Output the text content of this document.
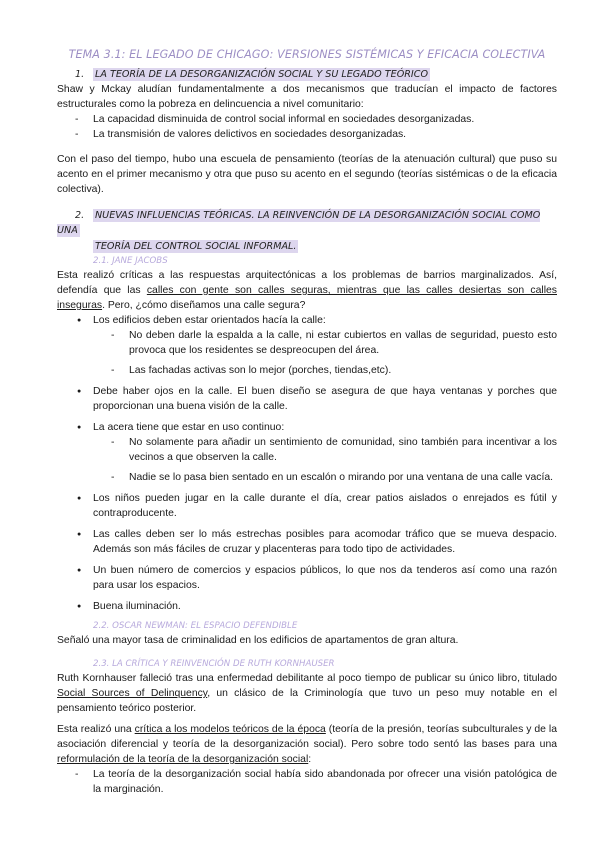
TEMA 3.1: EL LEGADO DE CHICAGO: VERSIONES SISTÉMICAS Y EFICACIA COLECTIVA
1. LA TEORÍA DE LA DESORGANIZACIÓN SOCIAL Y SU LEGADO TEÓRICO

Shaw y Mckay aludían fundamentalmente a dos mecanismos que traducían el impacto de factores estructurales como la pobreza en delincuencia a nivel comunitario:

- La capacidad disminuida de control social informal en sociedades desorganizadas.
- La transmisión de valores delictivos en sociedades desorganizadas.

Con el paso del tiempo, hubo una escuela de pensamiento (teorías de la atenuación cultural) que puso su acento en el primer mecanismo y otra que puso su acento en el segundo (teorías sistémicas o de la eficacia colectiva).

2. NUEVAS INFLUENCIAS TEÓRICAS. LA REINVENCIÓN DE LA DESORGANIZACIÓN SOCIAL COMO UNA
TEORÍA DEL CONTROL SOCIAL INFORMAL.
2.1. JANE JACOBS

Esta realizó críticas a las respuestas arquitectónicas a los problemas de barrios marginalizados. Así, defendía que las calles con gente son calles seguras, mientras que las calles desiertas son calles inseguras. Pero, ¿cómo diseñamos una calle segura?

● Los edificios deben estar orientados hacía la calle:
- No deben darle la espalda a la calle, ni estar cubiertos en vallas de seguridad, puesto esto provoca que los residentes se despreocupen del área.
- Las fachadas activas son lo mejor (porches, tiendas,etc).
● Debe haber ojos en la calle. El buen diseño se asegura de que haya ventanas y porches que proporcionan una buena visión de la calle.
● La acera tiene que estar en uso continuo:
- No solamente para añadir un sentimiento de comunidad, sino también para incentivar a los vecinos a que observen la calle.
- Nadie se lo pasa bien sentado en un escalón o mirando por una ventana de una calle vacía.
● Los niños pueden jugar en la calle durante el día, crear patios aislados o enrejados es fútil y contraproducente.
● Las calles deben ser lo más estrechas posibles para acomodar tráfico que se mueva despacio. Además son más fáciles de cruzar y placenteras para todo tipo de actividades.
● Un buen número de comercios y espacios públicos, lo que nos da tenderos así como una razón para usar los espacios.
● Buena iluminación.
2.2. OSCAR NEWMAN: EL ESPACIO DEFENDIBLE

Señaló una mayor tasa de criminalidad en los edificios de apartamentos de gran altura.

2.3. LA CRÍTICA Y REINVENCIÓN DE RUTH KORNHAUSER

Ruth Kornhauser falleció tras una enfermedad debilitante al poco tiempo de publicar su único libro, titulado Social Sources of Delinquency, un clásico de la Criminología que tuvo un peso muy notable en el pensamiento teórico posterior.

Esta realizó una crítica a los modelos teóricos de la época (teoría de la presión, teorías subculturales y de la asociación diferencial y teoría de la desorganización social). Pero sobre todo sentó las bases para una reformulación de la teoría de la desorganización social:

- La teoría de la desorganización social había sido abandonada por ofrecer una visión patológica de la marginación.
